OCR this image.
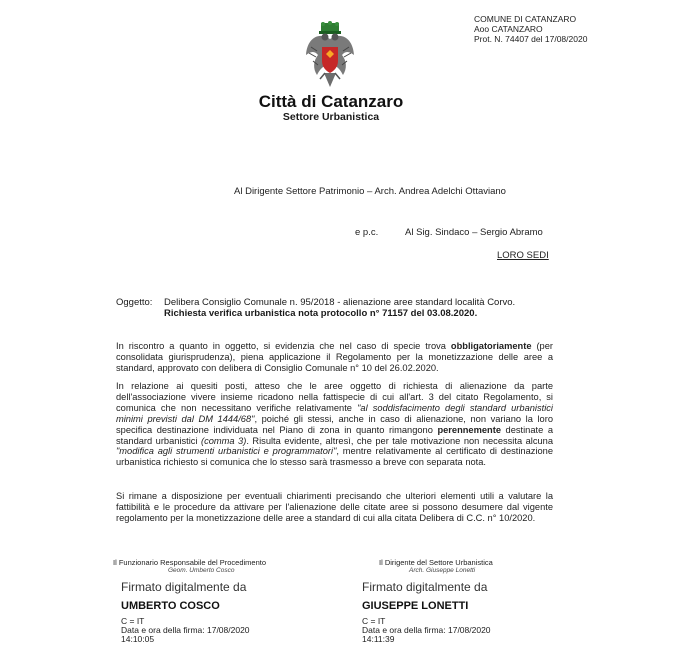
COMUNE DI CATANZARO
Aoo CATANZARO
Prot. N. 74407 del 17/08/2020
Città di Catanzaro
Settore Urbanistica
Al Dirigente Settore Patrimonio – Arch. Andrea Adelchi Ottaviano
e p.c.	Al Sig. Sindaco – Sergio Abramo
LORO SEDI
Oggetto: Delibera Consiglio Comunale n. 95/2018 - alienazione aree standard località Corvo.
Richiesta verifica urbanistica nota protocollo n° 71157 del 03.08.2020.
In riscontro a quanto in oggetto, si evidenzia che nel caso di specie trova obbligatoriamente (per consolidata giurisprudenza), piena applicazione il Regolamento per la monetizzazione delle aree a standard, approvato con delibera di Consiglio Comunale n° 10 del 26.02.2020.
In relazione ai quesiti posti, atteso che le aree oggetto di richiesta di alienazione da parte dell'associazione vivere insieme ricadono nella fattispecie di cui all'art. 3 del citato Regolamento, si comunica che non necessitano verifiche relativamente "al soddisfacimento degli standard urbanistici minimi previsti dal DM 1444/68", poiché gli stessi, anche in caso di alienazione, non variano la loro specifica destinazione individuata nel Piano di zona in quanto rimangono perennemente destinate a standard urbanistici (comma 3). Risulta evidente, altresì, che per tale motivazione non necessita alcuna "modifica agli strumenti urbanistici e programmatori", mentre relativamente al certificato di destinazione urbanistica richiesto si comunica che lo stesso sarà trasmesso a breve con separata nota.
Si rimane a disposizione per eventuali chiarimenti precisando che ulteriori elementi utili a valutare la fattibilità e le procedure da attivare per l'alienazione delle citate aree si possono desumere dal vigente regolamento per la monetizzazione delle aree a standard di cui alla citata Delibera di C.C. n° 10/2020.
Il Funzionario Responsabile del Procedimento
Geom. Umberto Cosco
Firmato digitalmente da
UMBERTO COSCO
C = IT
Data e ora della firma: 17/08/2020
14:10:05
Il Dirigente del Settore Urbanistica
Arch. Giuseppe Lonetti
Firmato digitalmente da
GIUSEPPE LONETTI
C = IT
Data e ora della firma: 17/08/2020
14:11:39
